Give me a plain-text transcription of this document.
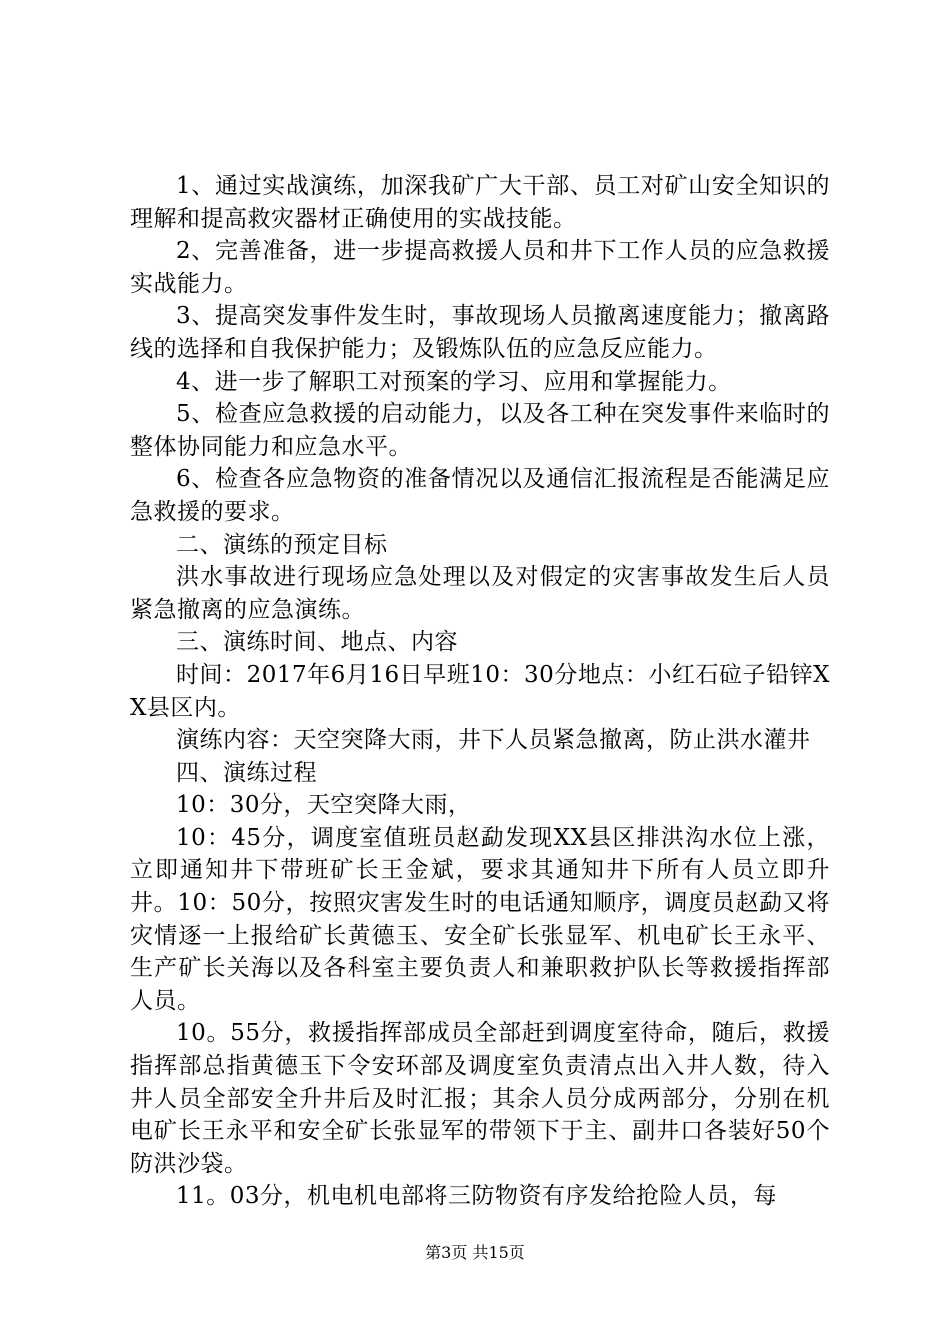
1、通过实战演练，加深我矿广大干部、员工对矿山安全知识的理解和提高救灾器材正确使用的实战技能。

2、完善准备，进一步提高救援人员和井下工作人员的应急救援实战能力。

3、提高突发事件发生时，事故现场人员撤离速度能力；撤离路线的选择和自我保护能力；及锻炼队伍的应急反应能力。

4、进一步了解职工对预案的学习、应用和掌握能力。

5、检查应急救援的启动能力，以及各工种在突发事件来临时的整体协同能力和应急水平。

6、检查各应急物资的准备情况以及通信汇报流程是否能满足应急救援的要求。

二、演练的预定目标

洪水事故进行现场应急处理以及对假定的灾害事故发生后人员紧急撤离的应急演练。

三、演练时间、地点、内容

时间：2017年6月16日早班10：30分地点：小红石砬子铅锌XX县区内。

演练内容：天空突降大雨，井下人员紧急撤离，防止洪水灌井

四、演练过程

10：30分，天空突降大雨，

10：45分，调度室值班员赵勐发现XX县区排洪沟水位上涨，立即通知井下带班矿长王金斌，要求其通知井下所有人员立即升井。10：50分，按照灾害发生时的电话通知顺序，调度员赵勐又将灾情逐一上报给矿长黄德玉、安全矿长张显军、机电矿长王永平、生产矿长关海以及各科室主要负责人和兼职救护队长等救援指挥部人员。

10。55分，救援指挥部成员全部赶到调度室待命，随后，救援指挥部总指黄德玉下令安环部及调度室负责清点出入井人数，待入井人员全部安全升井后及时汇报；其余人员分成两部分，分别在机电矿长王永平和安全矿长张显军的带领下于主、副井口各装好50个防洪沙袋。

11。03分，机电机电部将三防物资有序发给抢险人员，每

第3页 共15页
